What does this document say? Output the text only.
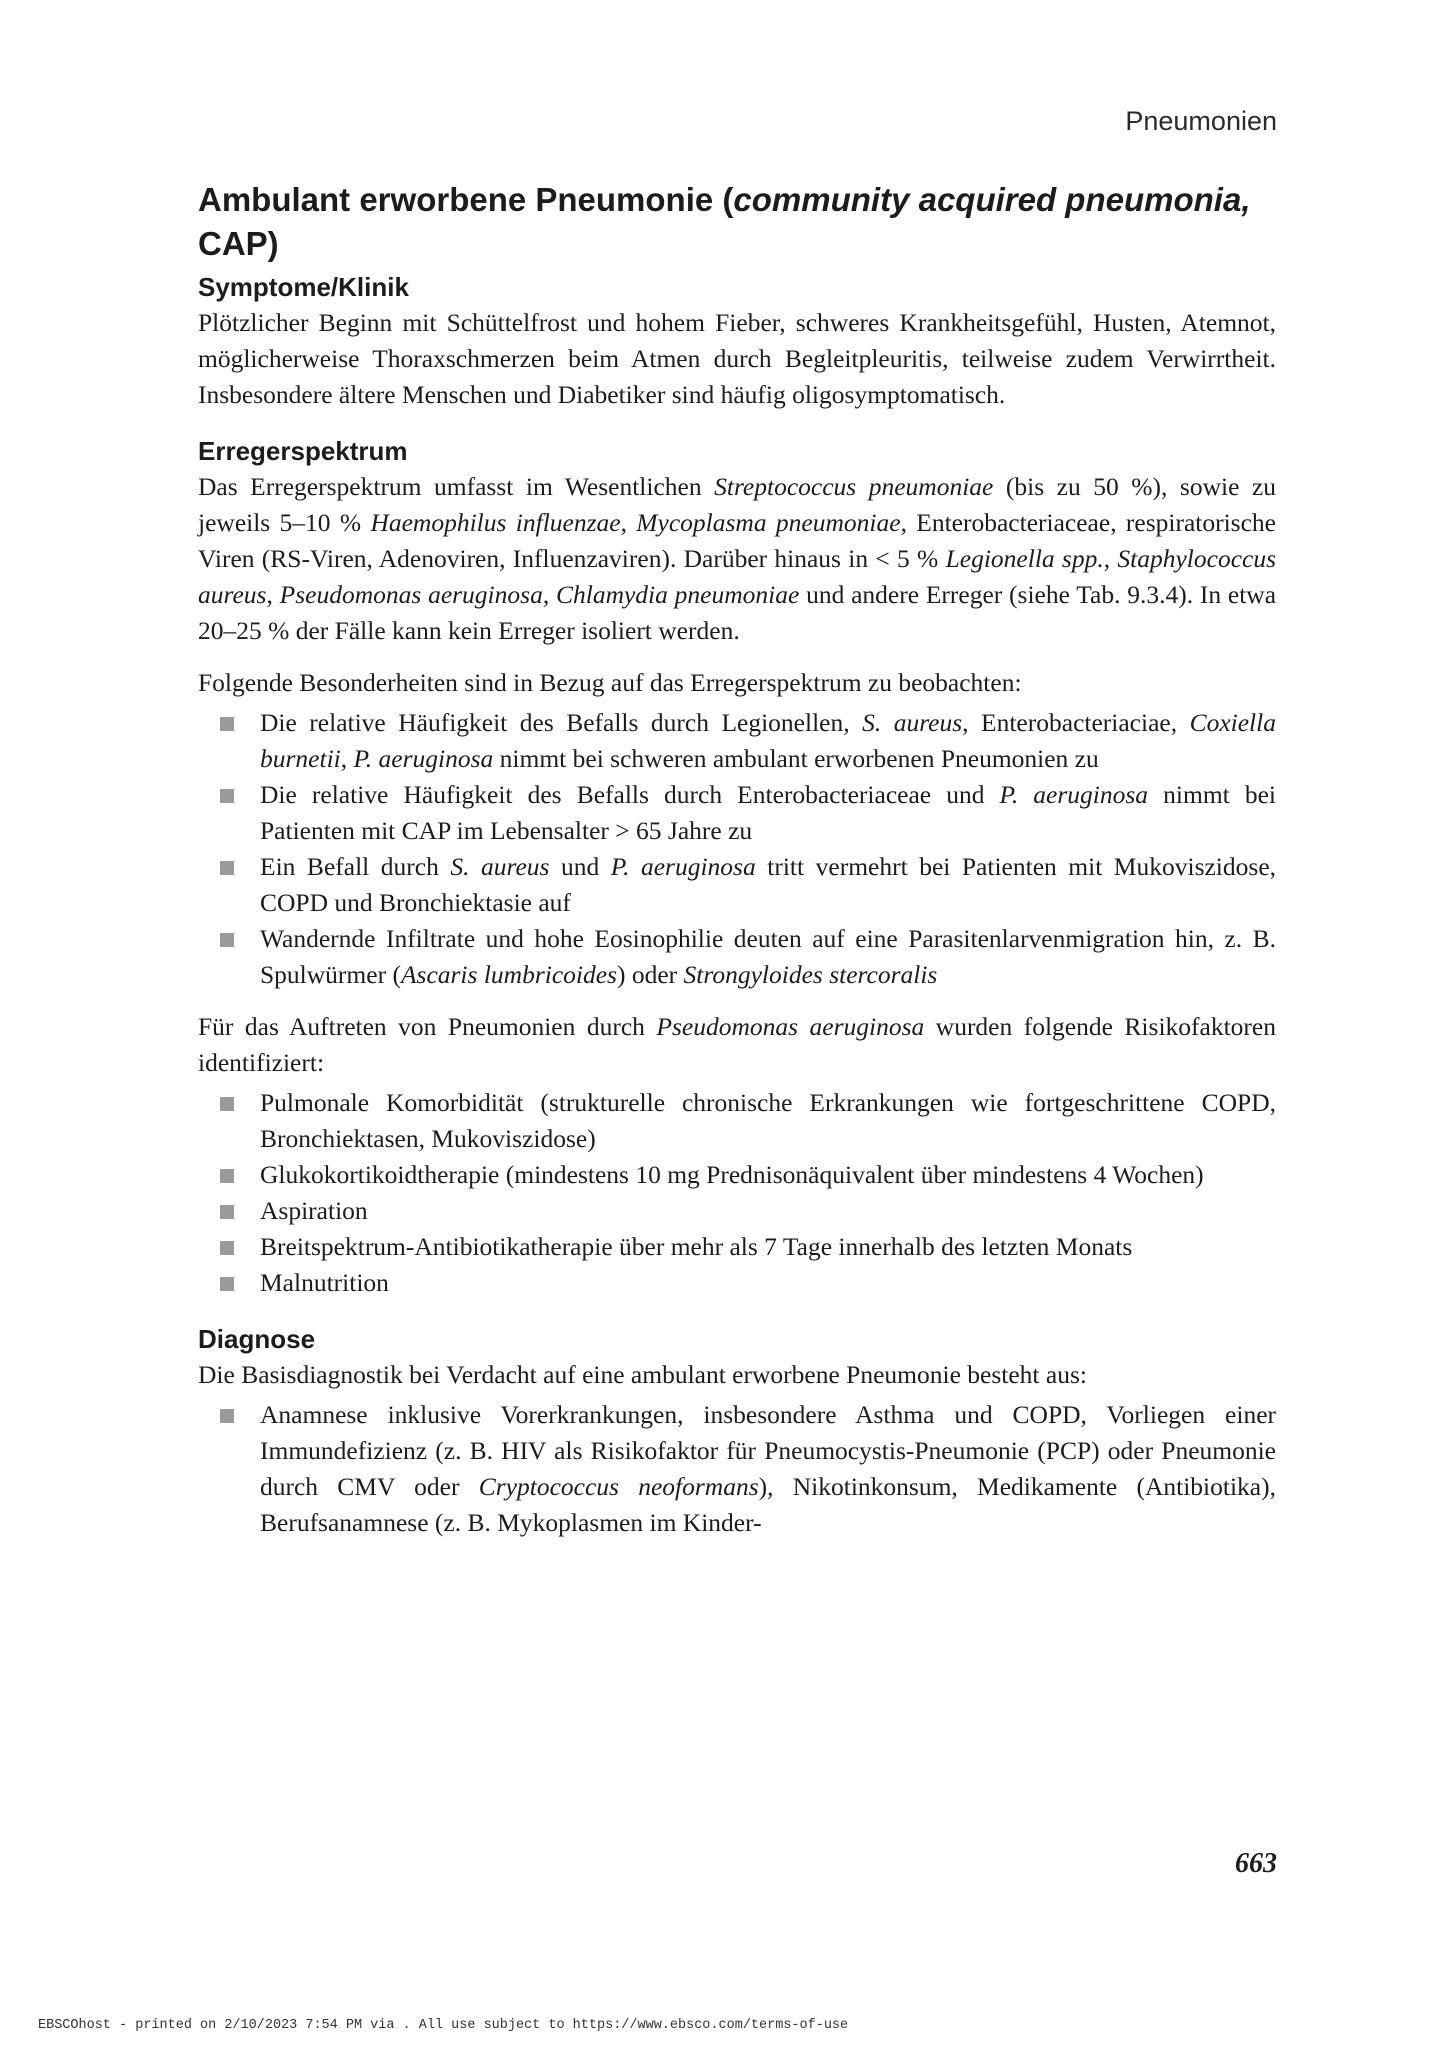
Pneumonien
Ambulant erworbene Pneumonie (community acquired pneumonia, CAP)
Symptome/Klinik

Plötzlicher Beginn mit Schüttelfrost und hohem Fieber, schweres Krankheitsgefühl, Husten, Atemnot, möglicherweise Thoraxschmerzen beim Atmen durch Begleitpleuritis, teilweise zudem Verwirrtheit. Insbesondere ältere Menschen und Diabetiker sind häufig oligosymptomatisch.

Erregerspektrum

Das Erregerspektrum umfasst im Wesentlichen Streptococcus pneumoniae (bis zu 50 %), sowie zu jeweils 5–10 % Haemophilus influenzae, Mycoplasma pneumoniae, Enterobacteriaceae, respiratorische Viren (RS-Viren, Adenoviren, Influenzaviren). Darüber hinaus in < 5 % Legionella spp., Staphylococcus aureus, Pseudomonas aeruginosa, Chlamydia pneumoniae und andere Erreger (siehe Tab. 9.3.4). In etwa 20–25 % der Fälle kann kein Erreger isoliert werden.

Folgende Besonderheiten sind in Bezug auf das Erregerspektrum zu beobachten:

Die relative Häufigkeit des Befalls durch Legionellen, S. aureus, Enterobacteriaciae, Coxiella burnetii, P. aeruginosa nimmt bei schweren ambulant erworbenen Pneumonien zu
Die relative Häufigkeit des Befalls durch Enterobacteriaceae und P. aeruginosa nimmt bei Patienten mit CAP im Lebensalter > 65 Jahre zu
Ein Befall durch S. aureus und P. aeruginosa tritt vermehrt bei Patienten mit Mukoviszidose, COPD und Bronchiektasie auf
Wandernde Infiltrate und hohe Eosinophilie deuten auf eine Parasitenlarvenmigration hin, z. B. Spulwürmer (Ascaris lumbricoides) oder Strongyloides stercoralis

Für das Auftreten von Pneumonien durch Pseudomonas aeruginosa wurden folgende Risikofaktoren identifiziert:

Pulmonale Komorbidität (strukturelle chronische Erkrankungen wie fortgeschrittene COPD, Bronchiektasen, Mukoviszidose)
Glukokortikoidtherapie (mindestens 10 mg Prednisonäquivalent über mindestens 4 Wochen)
Aspiration
Breitspektrum-Antibiotikatherapie über mehr als 7 Tage innerhalb des letzten Monats
Malnutrition
Diagnose

Die Basisdiagnostik bei Verdacht auf eine ambulant erworbene Pneumonie besteht aus:

Anamnese inklusive Vorerkrankungen, insbesondere Asthma und COPD, Vorliegen einer Immundefizienz (z. B. HIV als Risikofaktor für Pneumocystis-Pneumonie (PCP) oder Pneumonie durch CMV oder Cryptococcus neoformans), Nikotinkonsum, Medikamente (Antibiotika), Berufsanamnese (z. B. Mykoplasmen im Kinder-
663
EBSCOhost - printed on 2/10/2023 7:54 PM via . All use subject to https://www.ebsco.com/terms-of-use
